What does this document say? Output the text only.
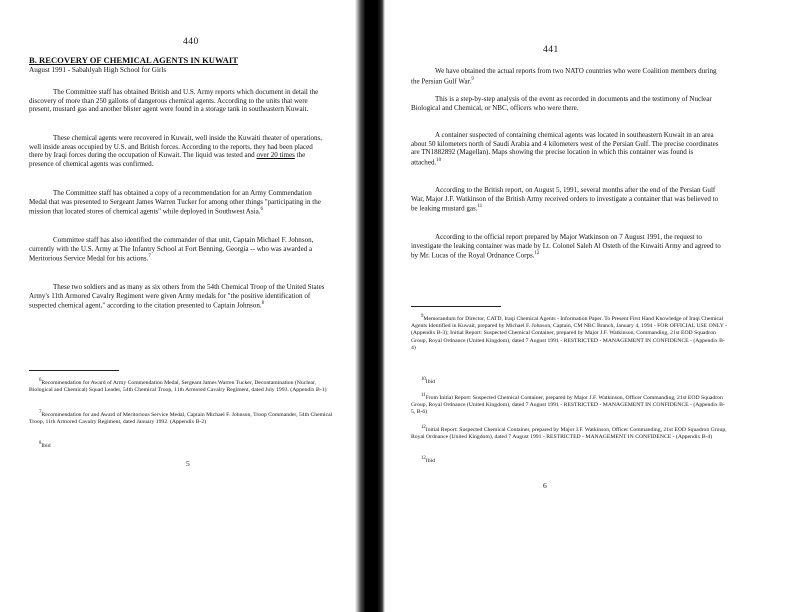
440
B. RECOVERY OF CHEMICAL AGENTS IN KUWAIT
August 1991 - Sabahlyah High School for Girls

The Committee staff has obtained British and U.S. Army reports which document in detail the discovery of more than 250 gallons of dangerous chemical agents. According to the units that were present, mustard gas and another blister agent were found in a storage tank in southeastern Kuwait.

These chemical agents were recovered in Kuwait, well inside the Kuwaiti theater of operations, well inside areas occupied by U.S. and British forces. According to the reports, they had been placed there by Iraqi forces during the occupation of Kuwait. The liquid was tested and over 20 times the presence of chemical agents was confirmed.

The Committee staff has obtained a copy of a recommendation for an Army Commendation Medal that was presented to Sergeant James Warren Tucker for among other things "participating in the mission that located stores of chemical agents" while deployed in Southwest Asia.$^6$

Committee staff has also identified the commander of that unit, Captain Michael F. Johnson, currently with the U.S. Army at The Infantry School at Fort Benning, Georgia -- who was awarded a Meritorious Service Medal for his actions.$^7$

These two soldiers and as many as six others from the 54th Chemical Troop of the United States Army's 11th Armored Cavalry Regiment were given Army medals for "the positive identification of suspected chemical agent," according to the citation presented to Captain Johnson.$^8$

$^6$Recommendation for Award of Army Commendation Medal, Sergeant James Warren Tucker, Decontamination (Nuclear, Biological and Chemical) Squad Leader, 54th Chemical Troop, 11th Armored Cavalry Regiment, dated July 1993. (Appendix B-1)

$^7$Recommendation for and Award of Meritorious Service Medal, Captain Michael F. Johnson, Troop Commander, 54th Chemical Troop, 11th Armored Cavalry Regiment, dated January 1992. (Appendix B-2)

$^8$Ibid

5
441

We have obtained the actual reports from two NATO countries who were Coalition members during the Persian Gulf War.$^9$

This is a step-by-step analysis of the event as recorded in documents and the testimony of Nuclear Biological and Chemical, or NBC, officers who were there.

A container suspected of containing chemical agents was located in southeastern Kuwait in an area about 50 kilometers north of Saudi Arabia and 4 kilometers west of the Persian Gulf. The precise coordinates are TN1882892 (Magellan). Maps showing the precise location in which this container was found is attached.$^{10}$

According to the British report, on August 5, 1991, several months after the end of the Persian Gulf War, Major J.F. Watkinson of the British Army received orders to investigate a container that was believed to be leaking mustard gas.$^{11}$

According to the official report prepared by Major Watkinson on 7 August 1991, the request to investigate the leaking container was made by Lt. Colonel Saleh Al Osteth of the Kuwaiti Army and agreed to by Mr. Lucas of the Royal Ordnance Corps.$^{12}$

$^9$Memorandum for Director, CATD, Iraqi Chemical Agents - Information Paper. To Present First Hand Knowledge of Iraqi Chemical Agents Identified in Kuwait, prepared by Michael F. Johnson, Captain, CM NBC Branch, January 4, 1994 - FOR OFFICIAL USE ONLY - (Appendix B-3); Initial Report: Suspected Chemical Container, prepared by Major J.F. Watkinson, Commanding, 21st EOD Squadron Group, Royal Ordnance (United Kingdom), dated 7 August 1991 - RESTRICTED - MANAGEMENT IN CONFIDENCE - (Appendix B-4)

$^{10}$Ibid

$^{11}$From Initial Report: Suspected Chemical Container, prepared by Major J.F. Watkinson, Officer Commanding, 21st EOD Squadron Group, Royal Ordnance (United Kingdom), dated 7 August 1991 - RESTRICTED - MANAGEMENT IN CONFIDENCE - (Appendix B-5, B-6)

$^{12}$Initial Report: Suspected Chemical Container, prepared by Major J.F. Watkinson, Officer Commanding, 21st EOD Squadron Group, Royal Ordnance (United Kingdom), dated 7 August 1991 - RESTRICTED - MANAGEMENT IN CONFIDENCE - (Appendix B-4)

$^{12}$Ibid

6
